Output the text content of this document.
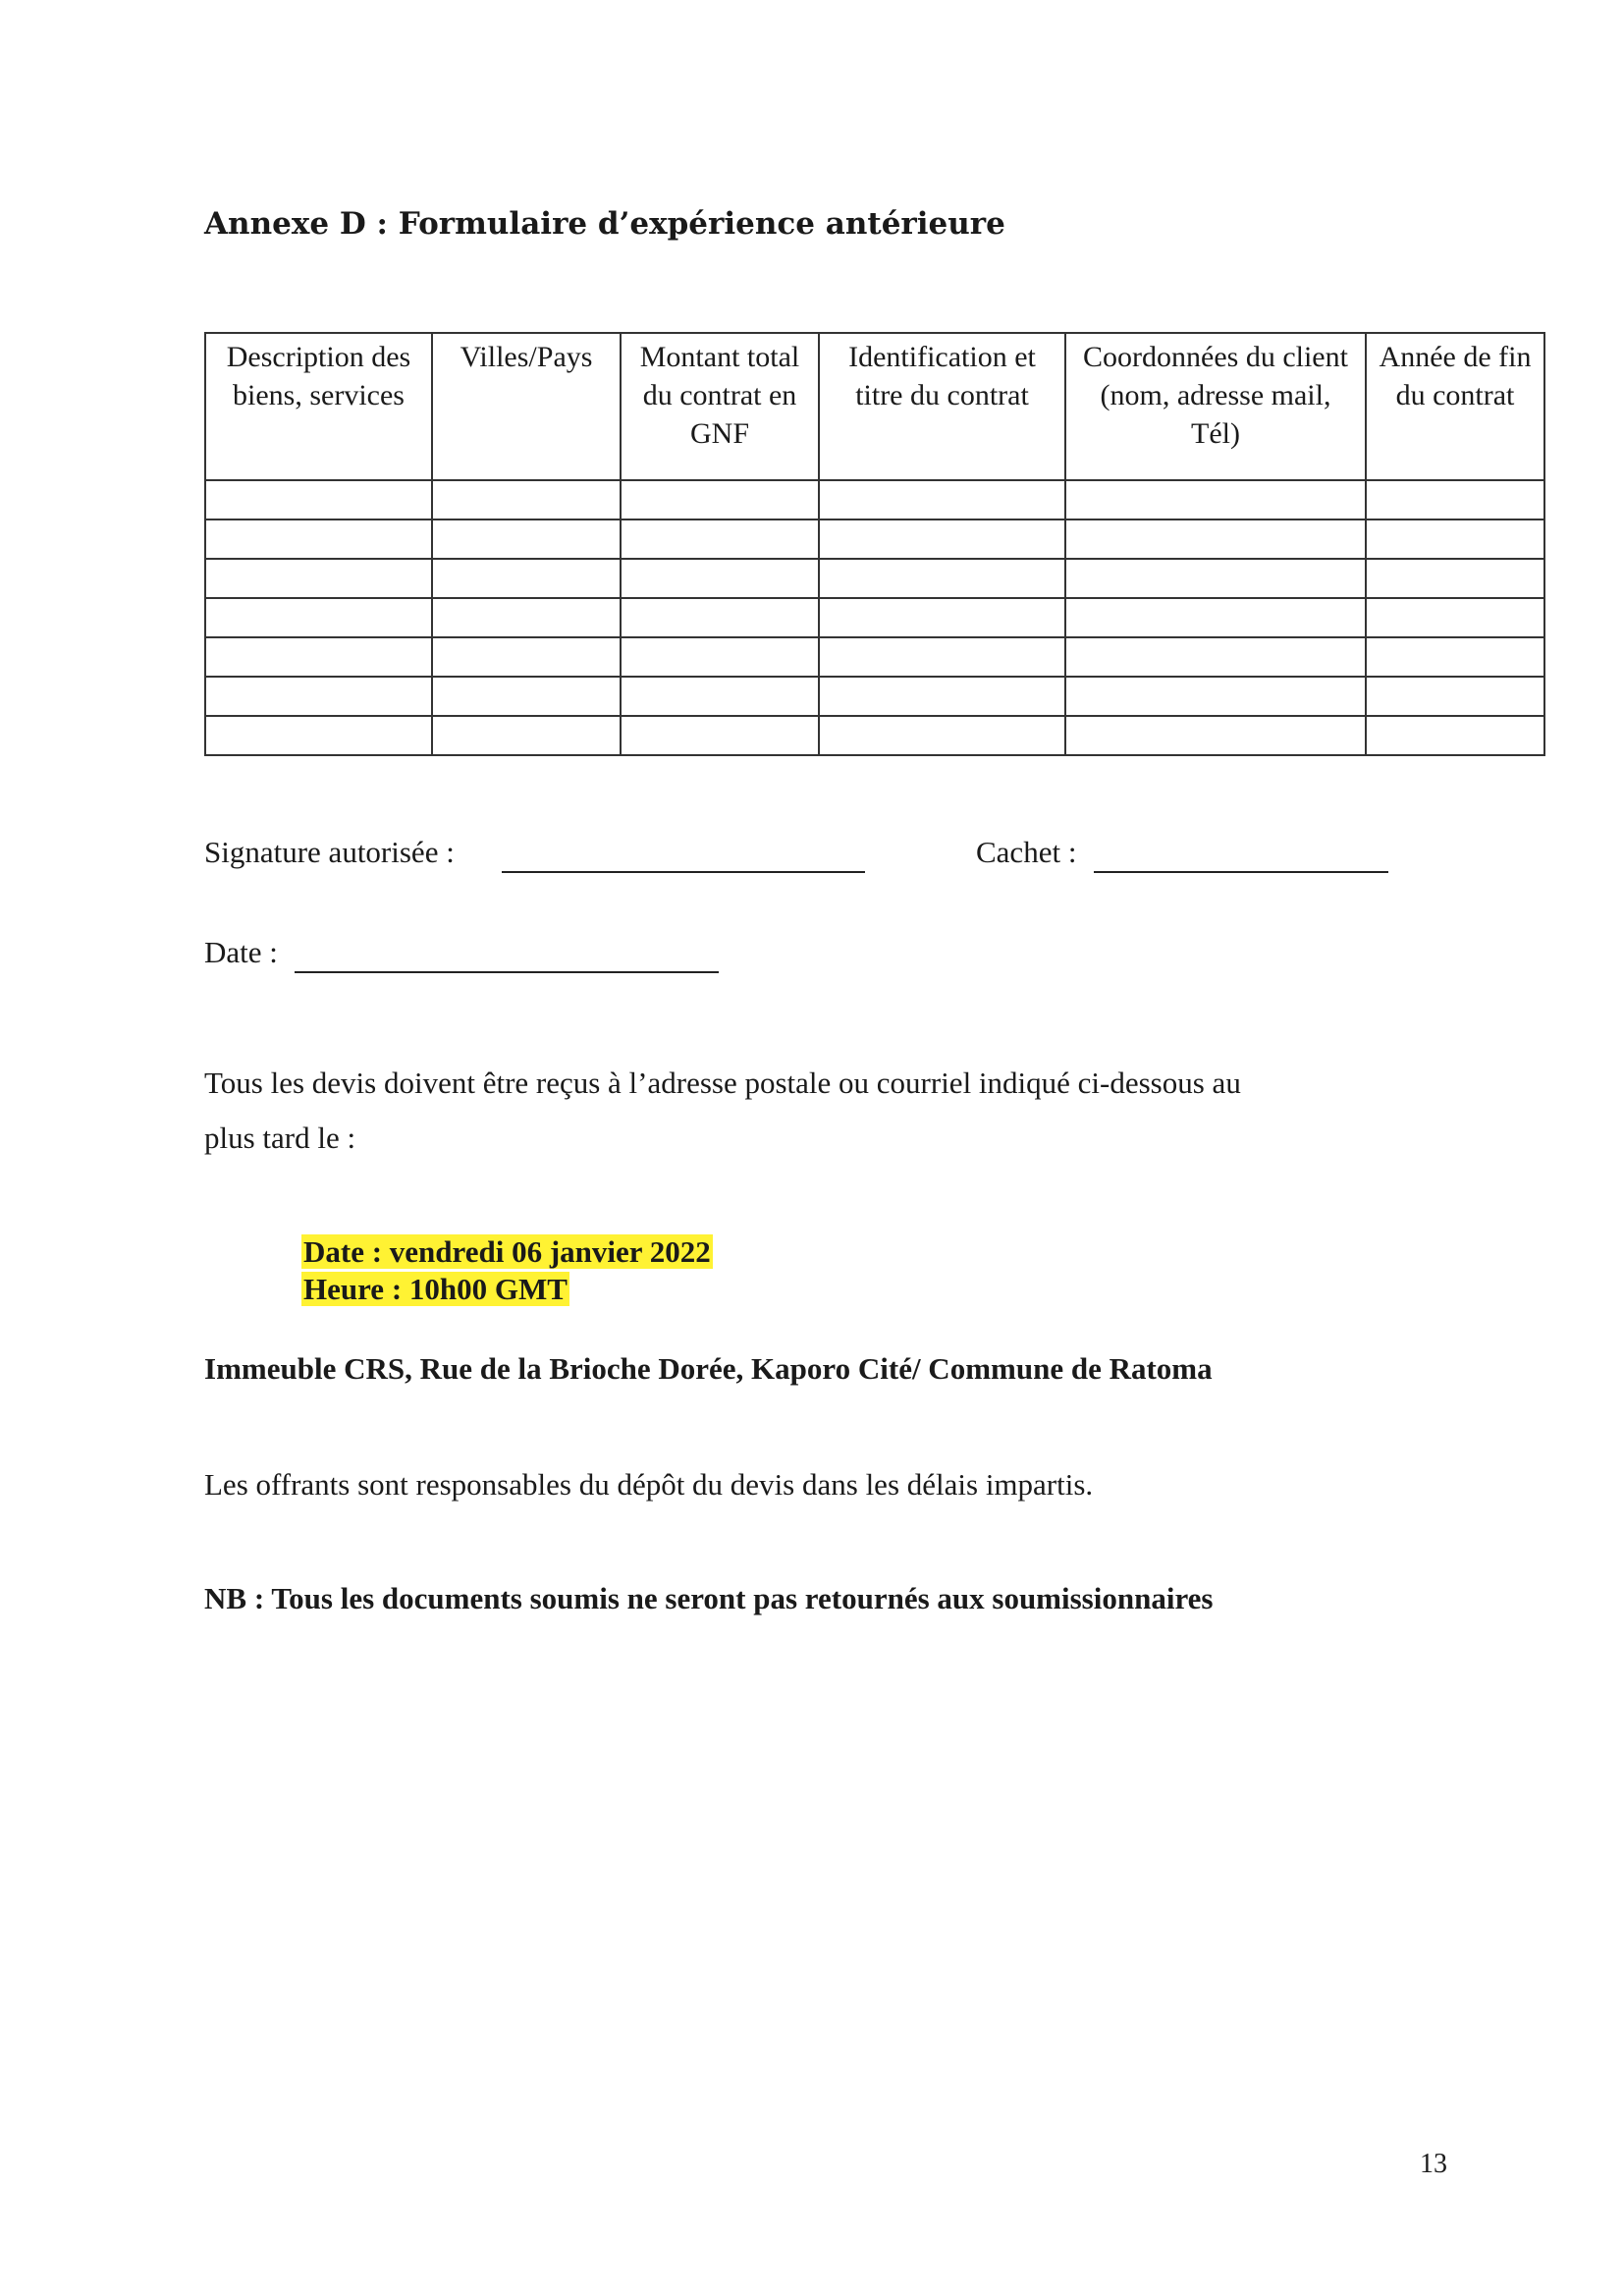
Annexe D : Formulaire d’expérience antérieure
Description des biens, services	Villes/Pays	Montant total du contrat en GNF	Identification et titre du contrat	Coordonnées du client (nom, adresse mail, Tél)	Année de fin du contrat

Signature autorisée :	Cachet :
Date :
Tous les devis doivent être reçus à l’adresse postale ou courriel indiqué ci-dessous au
plus tard le :
Date : vendredi 06 janvier 2022
Heure : 10h00 GMT
Immeuble CRS, Rue de la Brioche Dorée, Kaporo Cité/ Commune de Ratoma
Les offrants sont responsables du dépôt du devis dans les délais impartis.
NB : Tous les documents soumis ne seront pas retournés aux soumissionnaires
13
